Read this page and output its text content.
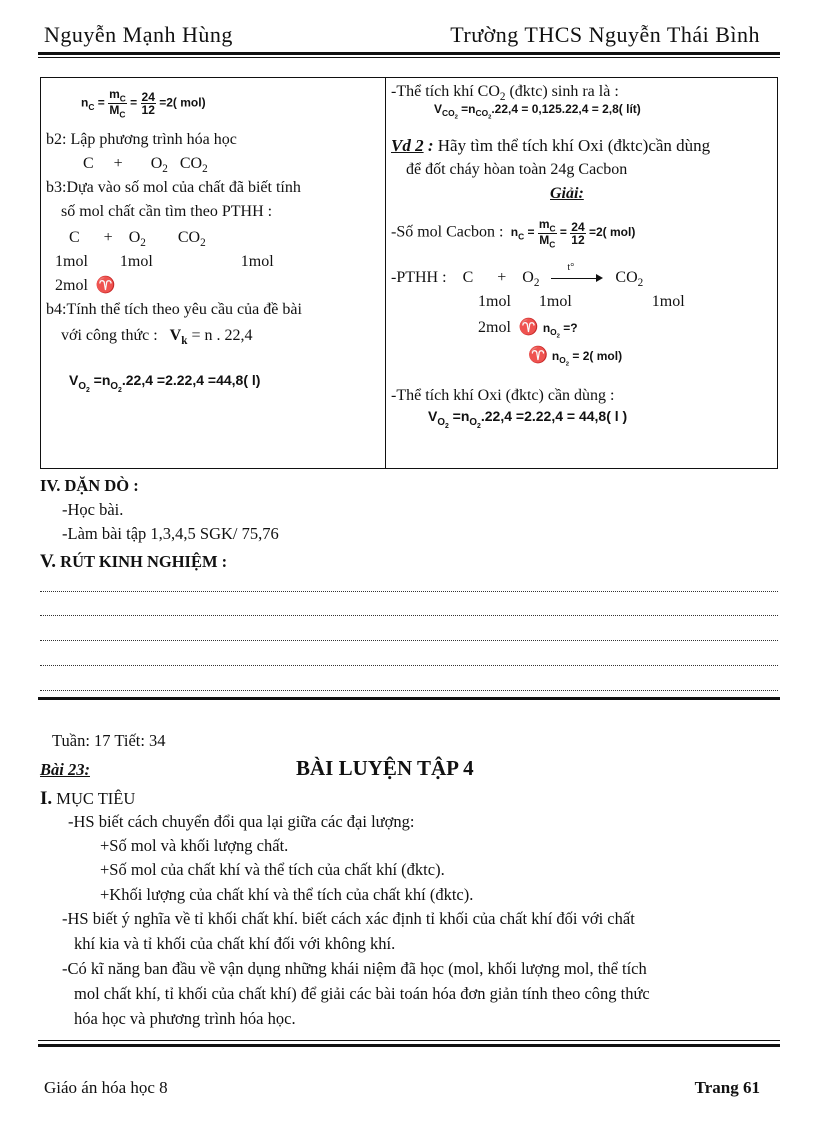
Nguyễn Mạnh Hùng	Trường THCS Nguyễn Thái Bình
$n_C = \frac{m_C}{M_C} = \frac{24}{12} =2$( mol)
b2: Lập phương trình hóa học
$C + O_2$ $CO_2$
b3:Dựa vào số mol của chất đã biết tính
số mol chất cần tìm theo PTHH :
$C + O_2$ $CO_2$
1mol 1mol	1mol
2mol ♈
b4:Tính thể tích theo yêu cầu của đề bài
với công thức : $V_k = n$ . 22,4
$V_{O_2} =n_{O_2}.22,4 =2.22,4 =44,8$( l)
-Thể tích khí $CO_2$ (đktc) sinh ra là :
$V_{CO_2} =n_{CO_2}.22,4 = 0,125.22,4 = 2,8$( lít)
Vd 2 : Hãy tìm thể tích khí Oxi (đktc)cần dùng
để đốt cháy hòan toàn 24g Cacbon
Giải:
-Số mol Cacbon :  $n_C = \frac{m_C}{M_C} = \frac{24}{12} =2$( mol)
-PTHH : $C + O_2$
t°
$CO_2$
1mol 1mol	1mol
2mol ♈ $n_{O_2}$ =?
♈ $n_{O_2} = 2$( mol)
-Thể tích khí Oxi (đktc) cần dùng :
$V_{O_2} =n_{O_2}.22,4 =2.22,4 = 44,8$( l )
IV. DẶN DÒ :
-Học bài.
-Làm bài tập 1,3,4,5 SGK/ 75,76
V. RÚT KINH NGHIỆM :
Tuần: 17 Tiết: 34
Bài 23:	BÀI LUYỆN TẬP 4
I. MỤC TIÊU
-HS biết cách chuyển đổi qua lại giữa các đại lượng:
+Số mol và khối lượng chất.
+Số mol của chất khí và thể tích của chất khí (đktc).
+Khối lượng của chất khí và thể tích của chất khí (đktc).
-HS biết ý nghĩa về tỉ khối chất khí. biết cách xác định tỉ khối của chất khí đối với chất
khí kia và tỉ khối của chất khí đối với không khí.
-Có kĩ năng ban đầu về vận dụng những khái niệm đã học (mol, khối lượng mol, thể tích
mol chất khí, tỉ khối của chất khí) để giải các bài toán hóa đơn giản tính theo công thức
hóa học và phương trình hóa học.
Giáo án hóa học 8	Trang 61
